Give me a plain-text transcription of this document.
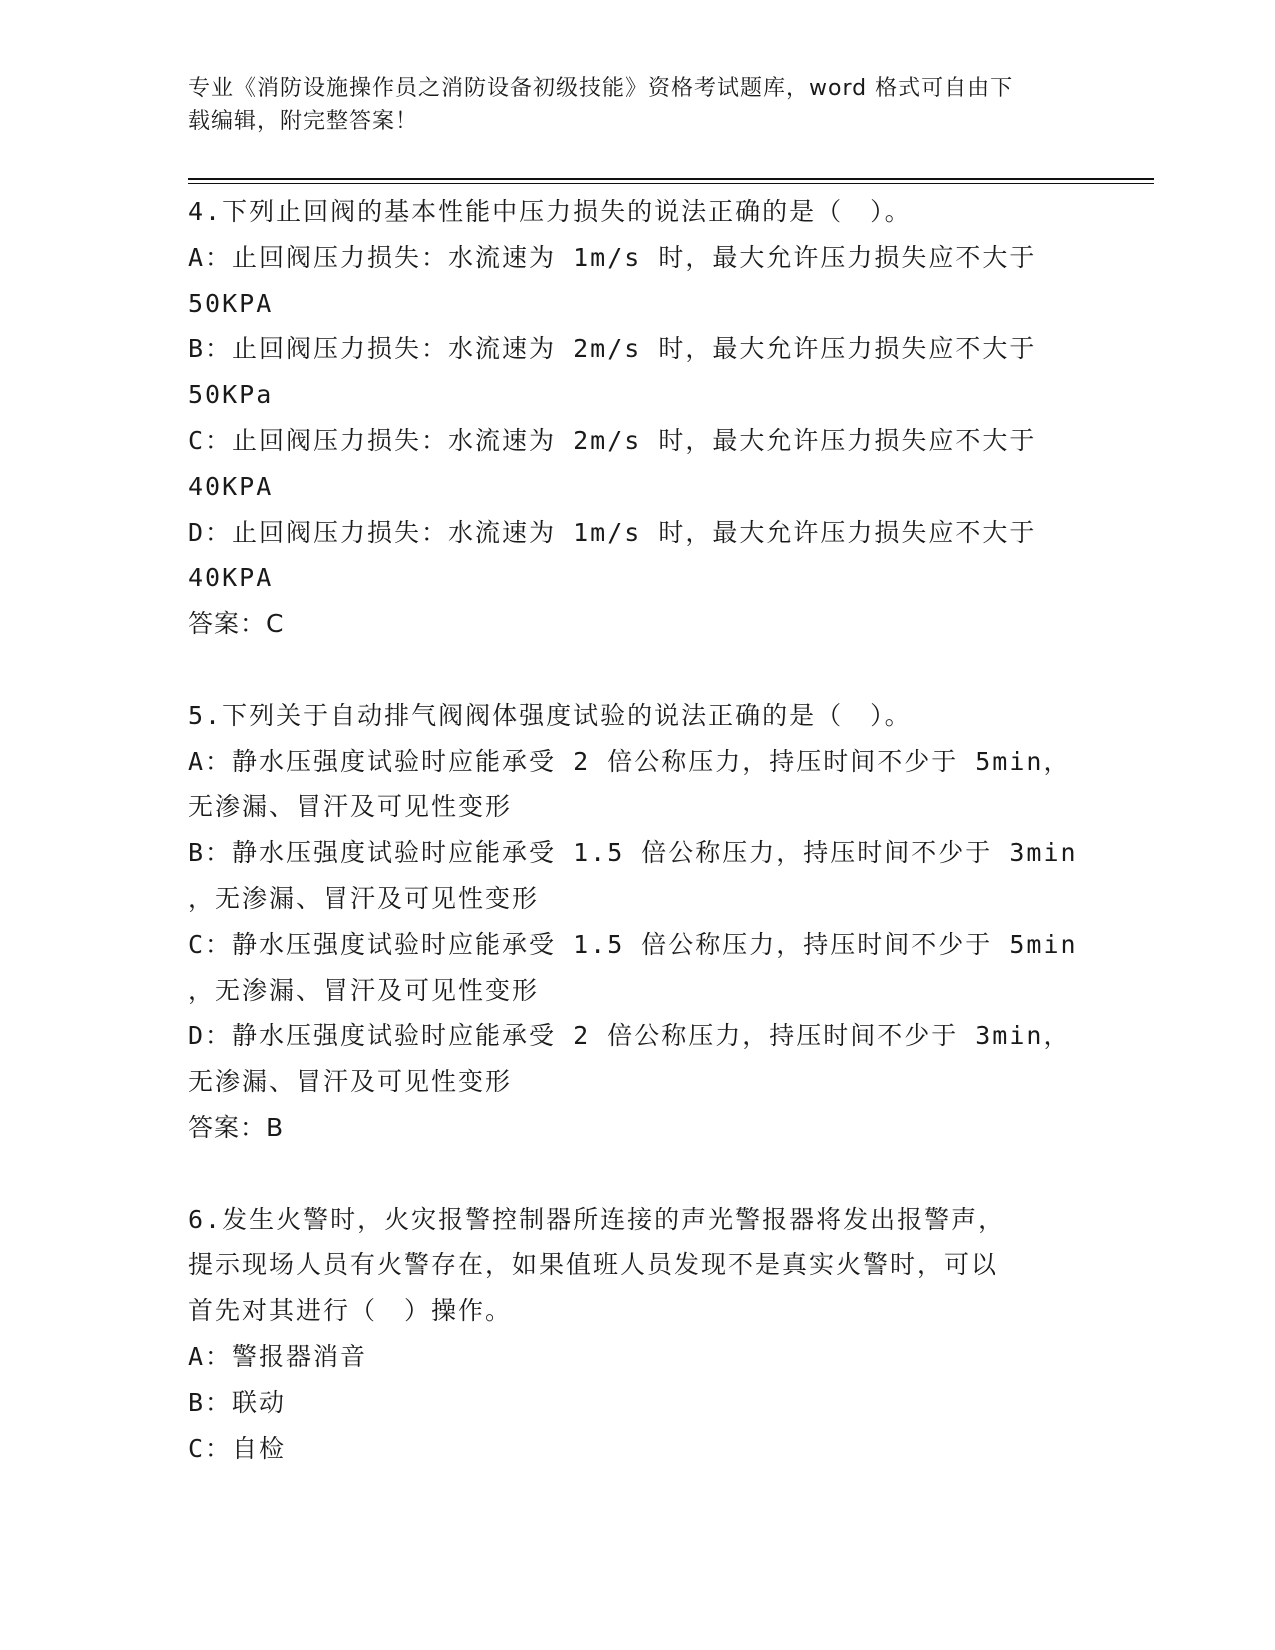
专业《消防设施操作员之消防设备初级技能》资格考试题库，word 格式可自由下
载编辑，附完整答案！
4.下列止回阀的基本性能中压力损失的说法正确的是（　）。
A：止回阀压力损失：水流速为 1m/s 时，最大允许压力损失应不大于
50KPA
B：止回阀压力损失：水流速为 2m/s 时，最大允许压力损失应不大于
50KPa
C：止回阀压力损失：水流速为 2m/s 时，最大允许压力损失应不大于
40KPA
D：止回阀压力损失：水流速为 1m/s 时，最大允许压力损失应不大于
40KPA
答案：C
5.下列关于自动排气阀阀体强度试验的说法正确的是（　）。
A：静水压强度试验时应能承受 2 倍公称压力，持压时间不少于 5min，
无渗漏、冒汗及可见性变形
B：静水压强度试验时应能承受 1.5 倍公称压力，持压时间不少于 3min
，无渗漏、冒汗及可见性变形
C：静水压强度试验时应能承受 1.5 倍公称压力，持压时间不少于 5min
，无渗漏、冒汗及可见性变形
D：静水压强度试验时应能承受 2 倍公称压力，持压时间不少于 3min，
无渗漏、冒汗及可见性变形
答案：B
6.发生火警时，火灾报警控制器所连接的声光警报器将发出报警声，
提示现场人员有火警存在，如果值班人员发现不是真实火警时，可以
首先对其进行（　）操作。
A：警报器消音
B：联动
C：自检
